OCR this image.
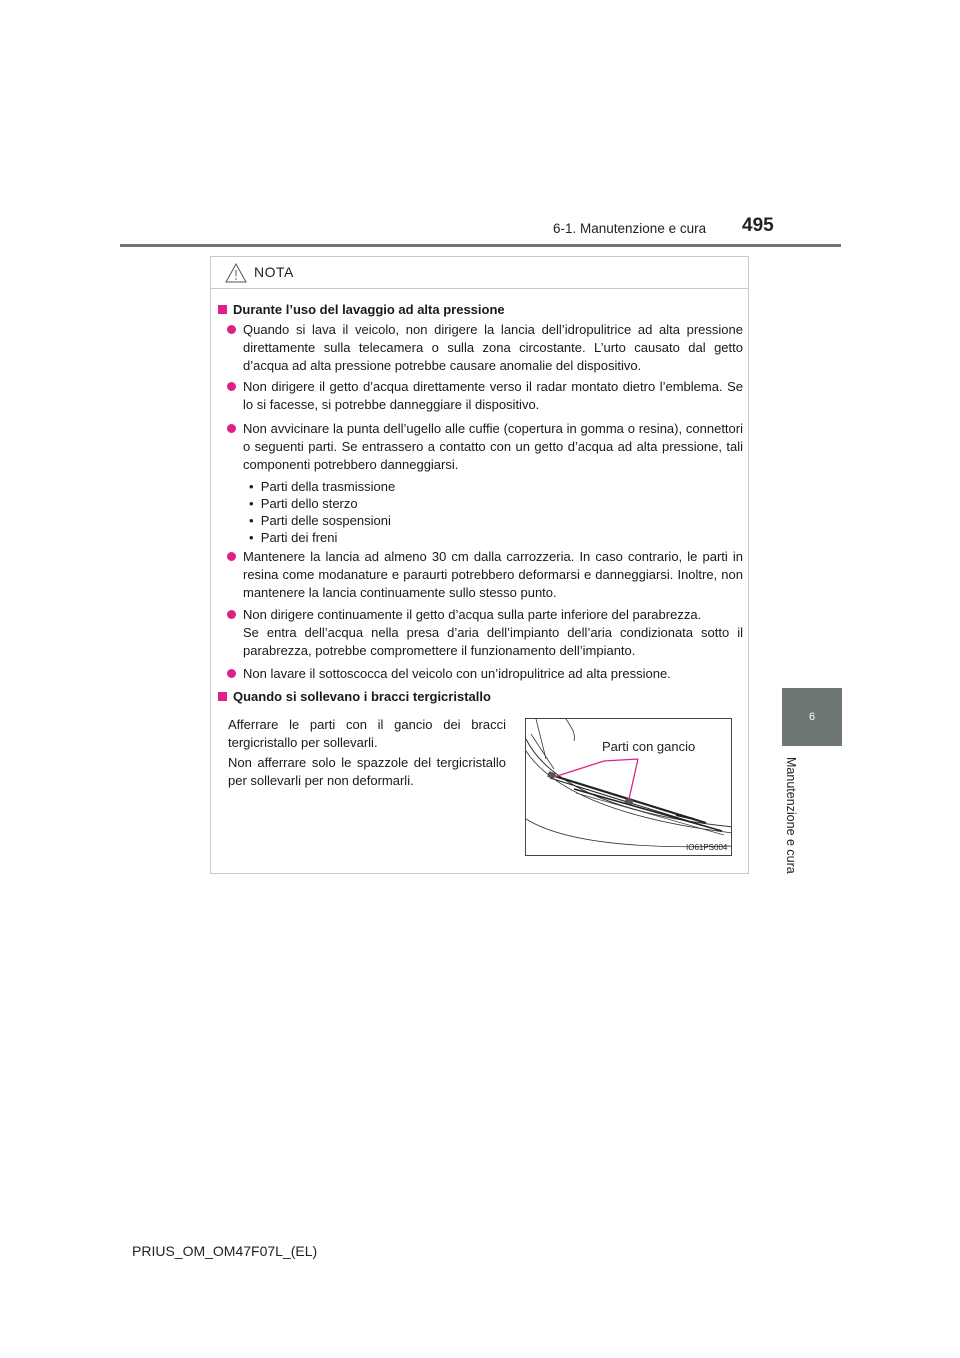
6-1. Manutenzione e cura 495
6
Manutenzione e cura
NOTA
Durante l’uso del lavaggio ad alta pressione
Quando si lava il veicolo, non dirigere la lancia dell’idropulitrice ad alta pressione direttamente sulla telecamera o sulla zona circostante. L’urto causato dal getto d’acqua ad alta pressione potrebbe causare anomalie del dispositivo.
Non dirigere il getto d’acqua direttamente verso il radar montato dietro l’emblema. Se lo si facesse, si potrebbe danneggiare il dispositivo.
Non avvicinare la punta dell’ugello alle cuffie (copertura in gomma o resina), connettori o seguenti parti. Se entrassero a contatto con un getto d’acqua ad alta pressione, tali componenti potrebbero danneggiarsi.
•  Parti della trasmissione
•  Parti dello sterzo
•  Parti delle sospensioni
•  Parti dei freni
Mantenere la lancia ad almeno 30 cm dalla carrozzeria. In caso contrario, le parti in resina come modanature e paraurti potrebbero deformarsi e danneggiarsi. Inoltre, non mantenere la lancia continuamente sullo stesso punto.
Non dirigere continuamente il getto d’acqua sulla parte inferiore del parabrezza.
Se entra dell’acqua nella presa d’aria dell’impianto dell’aria condizionata sotto il parabrezza, potrebbe compromettere il funzionamento dell’impianto.
Non lavare il sottoscocca del veicolo con un’idropulitrice ad alta pressione.
Quando si sollevano i bracci tergicristallo
Afferrare le parti con il gancio dei bracci tergicristallo per sollevarli.
Non afferrare solo le spazzole del tergicristallo per sollevarli per non deformarli.
Parti con gancio
IO61PS004
PRIUS_OM_OM47F07L_(EL)
